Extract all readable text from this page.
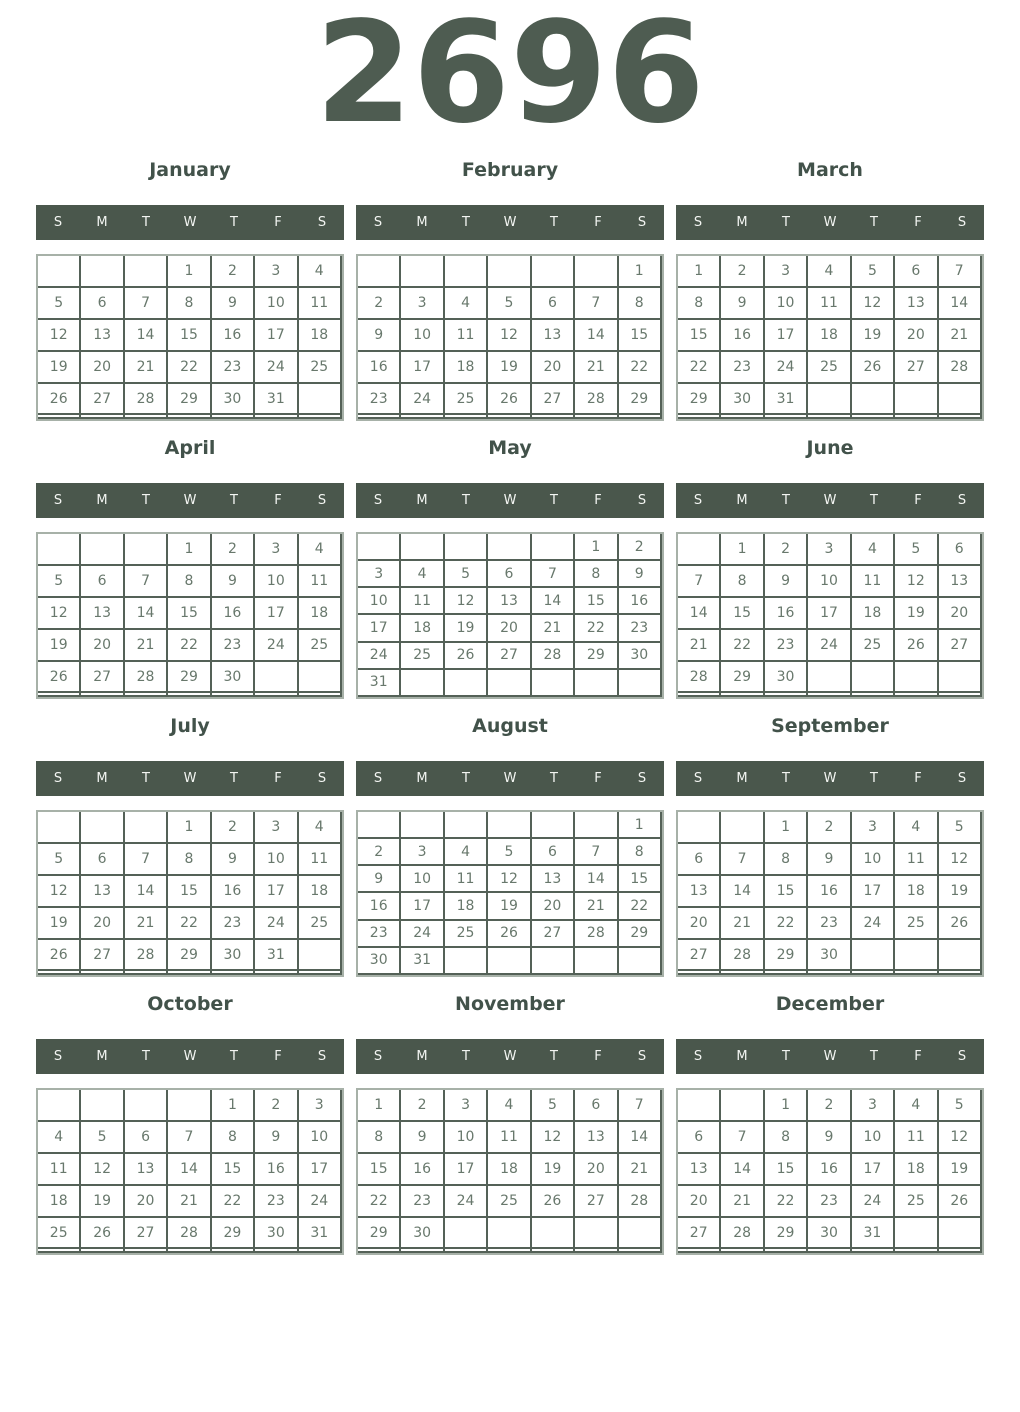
2696
January
S	M	T	W	T	F	S
			1	2	3	4
5	6	7	8	9	10	11
12	13	14	15	16	17	18
19	20	21	22	23	24	25
26	27	28	29	30	31	

February
S	M	T	W	T	F	S
						1
2	3	4	5	6	7	8
9	10	11	12	13	14	15
16	17	18	19	20	21	22
23	24	25	26	27	28	29

March
S	M	T	W	T	F	S
1	2	3	4	5	6	7
8	9	10	11	12	13	14
15	16	17	18	19	20	21
22	23	24	25	26	27	28
29	30	31				

April
S	M	T	W	T	F	S
			1	2	3	4
5	6	7	8	9	10	11
12	13	14	15	16	17	18
19	20	21	22	23	24	25
26	27	28	29	30		

May
S	M	T	W	T	F	S
					1	2
3	4	5	6	7	8	9
10	11	12	13	14	15	16
17	18	19	20	21	22	23
24	25	26	27	28	29	30
31						
June
S	M	T	W	T	F	S
	1	2	3	4	5	6
7	8	9	10	11	12	13
14	15	16	17	18	19	20
21	22	23	24	25	26	27
28	29	30				

July
S	M	T	W	T	F	S
			1	2	3	4
5	6	7	8	9	10	11
12	13	14	15	16	17	18
19	20	21	22	23	24	25
26	27	28	29	30	31	

August
S	M	T	W	T	F	S
						1
2	3	4	5	6	7	8
9	10	11	12	13	14	15
16	17	18	19	20	21	22
23	24	25	26	27	28	29
30	31					
September
S	M	T	W	T	F	S
		1	2	3	4	5
6	7	8	9	10	11	12
13	14	15	16	17	18	19
20	21	22	23	24	25	26
27	28	29	30			

October
S	M	T	W	T	F	S
				1	2	3
4	5	6	7	8	9	10
11	12	13	14	15	16	17
18	19	20	21	22	23	24
25	26	27	28	29	30	31

November
S	M	T	W	T	F	S
1	2	3	4	5	6	7
8	9	10	11	12	13	14
15	16	17	18	19	20	21
22	23	24	25	26	27	28
29	30					

December
S	M	T	W	T	F	S
		1	2	3	4	5
6	7	8	9	10	11	12
13	14	15	16	17	18	19
20	21	22	23	24	25	26
27	28	29	30	31		
